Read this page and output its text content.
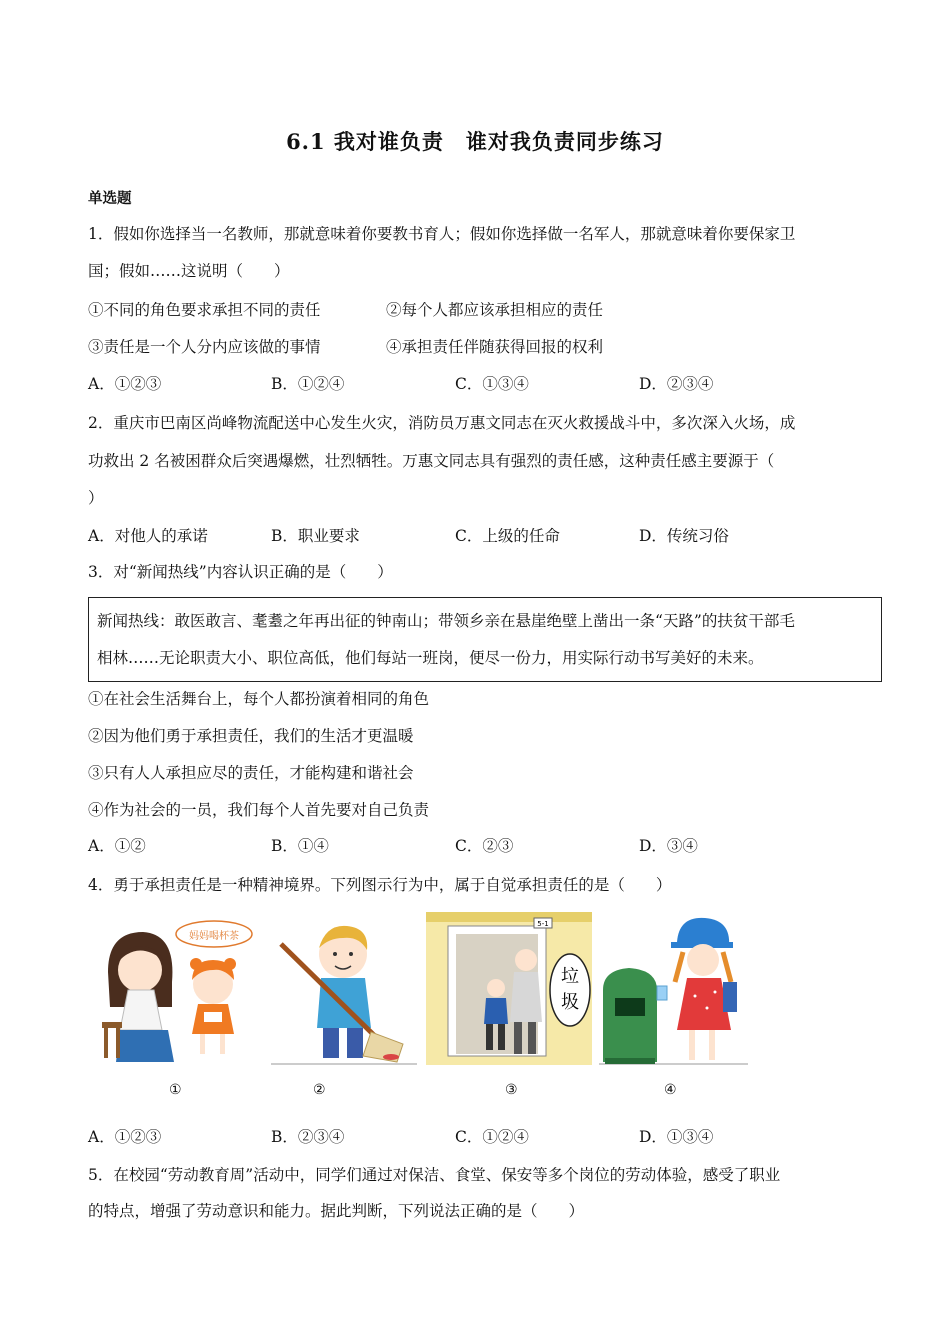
6.1 我对谁负责　谁对我负责同步练习
单选题
1．假如你选择当一名教师，那就意味着你要教书育人；假如你选择做一名军人，那就意味着你要保家卫
国；假如……这说明（　　）
①不同的角色要求承担不同的责任	②每个人都应该承担相应的责任
③责任是一个人分内应该做的事情	④承担责任伴随获得回报的权利
A．①②③	B．①②④	C．①③④	D．②③④
2．重庆市巴南区尚峰物流配送中心发生火灾，消防员万惠文同志在灭火救援战斗中，多次深入火场，成
功救出 2 名被困群众后突遇爆燃，壮烈牺牲。万惠文同志具有强烈的责任感，这种责任感主要源于（
）
A．对他人的承诺	B．职业要求	C．上级的任命	D．传统习俗
3．对“新闻热线”内容认识正确的是（　　）
新闻热线：敢医敢言、耄耋之年再出征的钟南山；带领乡亲在悬崖绝壁上凿出一条“天路”的扶贫干部毛
相林……无论职责大小、职位高低，他们每站一班岗，便尽一份力，用实际行动书写美好的未来。
①在社会生活舞台上，每个人都扮演着相同的角色
②因为他们勇于承担责任，我们的生活才更温暖
③只有人人承担应尽的责任，才能构建和谐社会
④作为社会的一员，我们每个人首先要对自己负责
A．①②	B．①④	C．②③	D．③④
4．勇于承担责任是一种精神境界。下列图示行为中，属于自觉承担责任的是（　　）
妈妈喝杯茶
5-1
垃
圾
①	②	③	④
A．①②③	B．②③④	C．①②④	D．①③④
5．在校园“劳动教育周”活动中，同学们通过对保洁、食堂、保安等多个岗位的劳动体验，感受了职业
的特点，增强了劳动意识和能力。据此判断，下列说法正确的是（　　）
